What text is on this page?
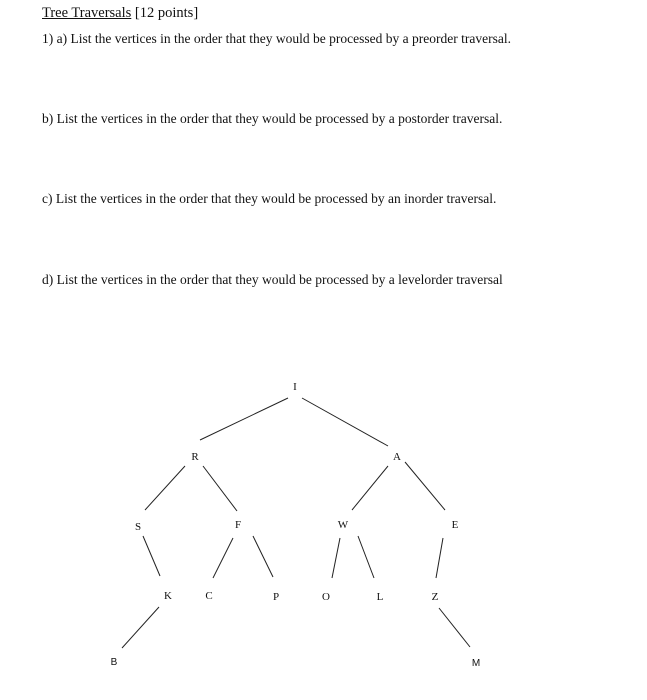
Tree Traversals [12 points]
1) a) List the vertices in the order that they would be processed by a preorder traversal.
b) List the vertices in the order that they would be processed by a postorder traversal.
c) List the vertices in the order that they would be processed by an inorder traversal.
d) List the vertices in the order that they would be processed by a levelorder traversal
I
R	A
S	F	W	E
K	C	P	O	L	Z
B	M
